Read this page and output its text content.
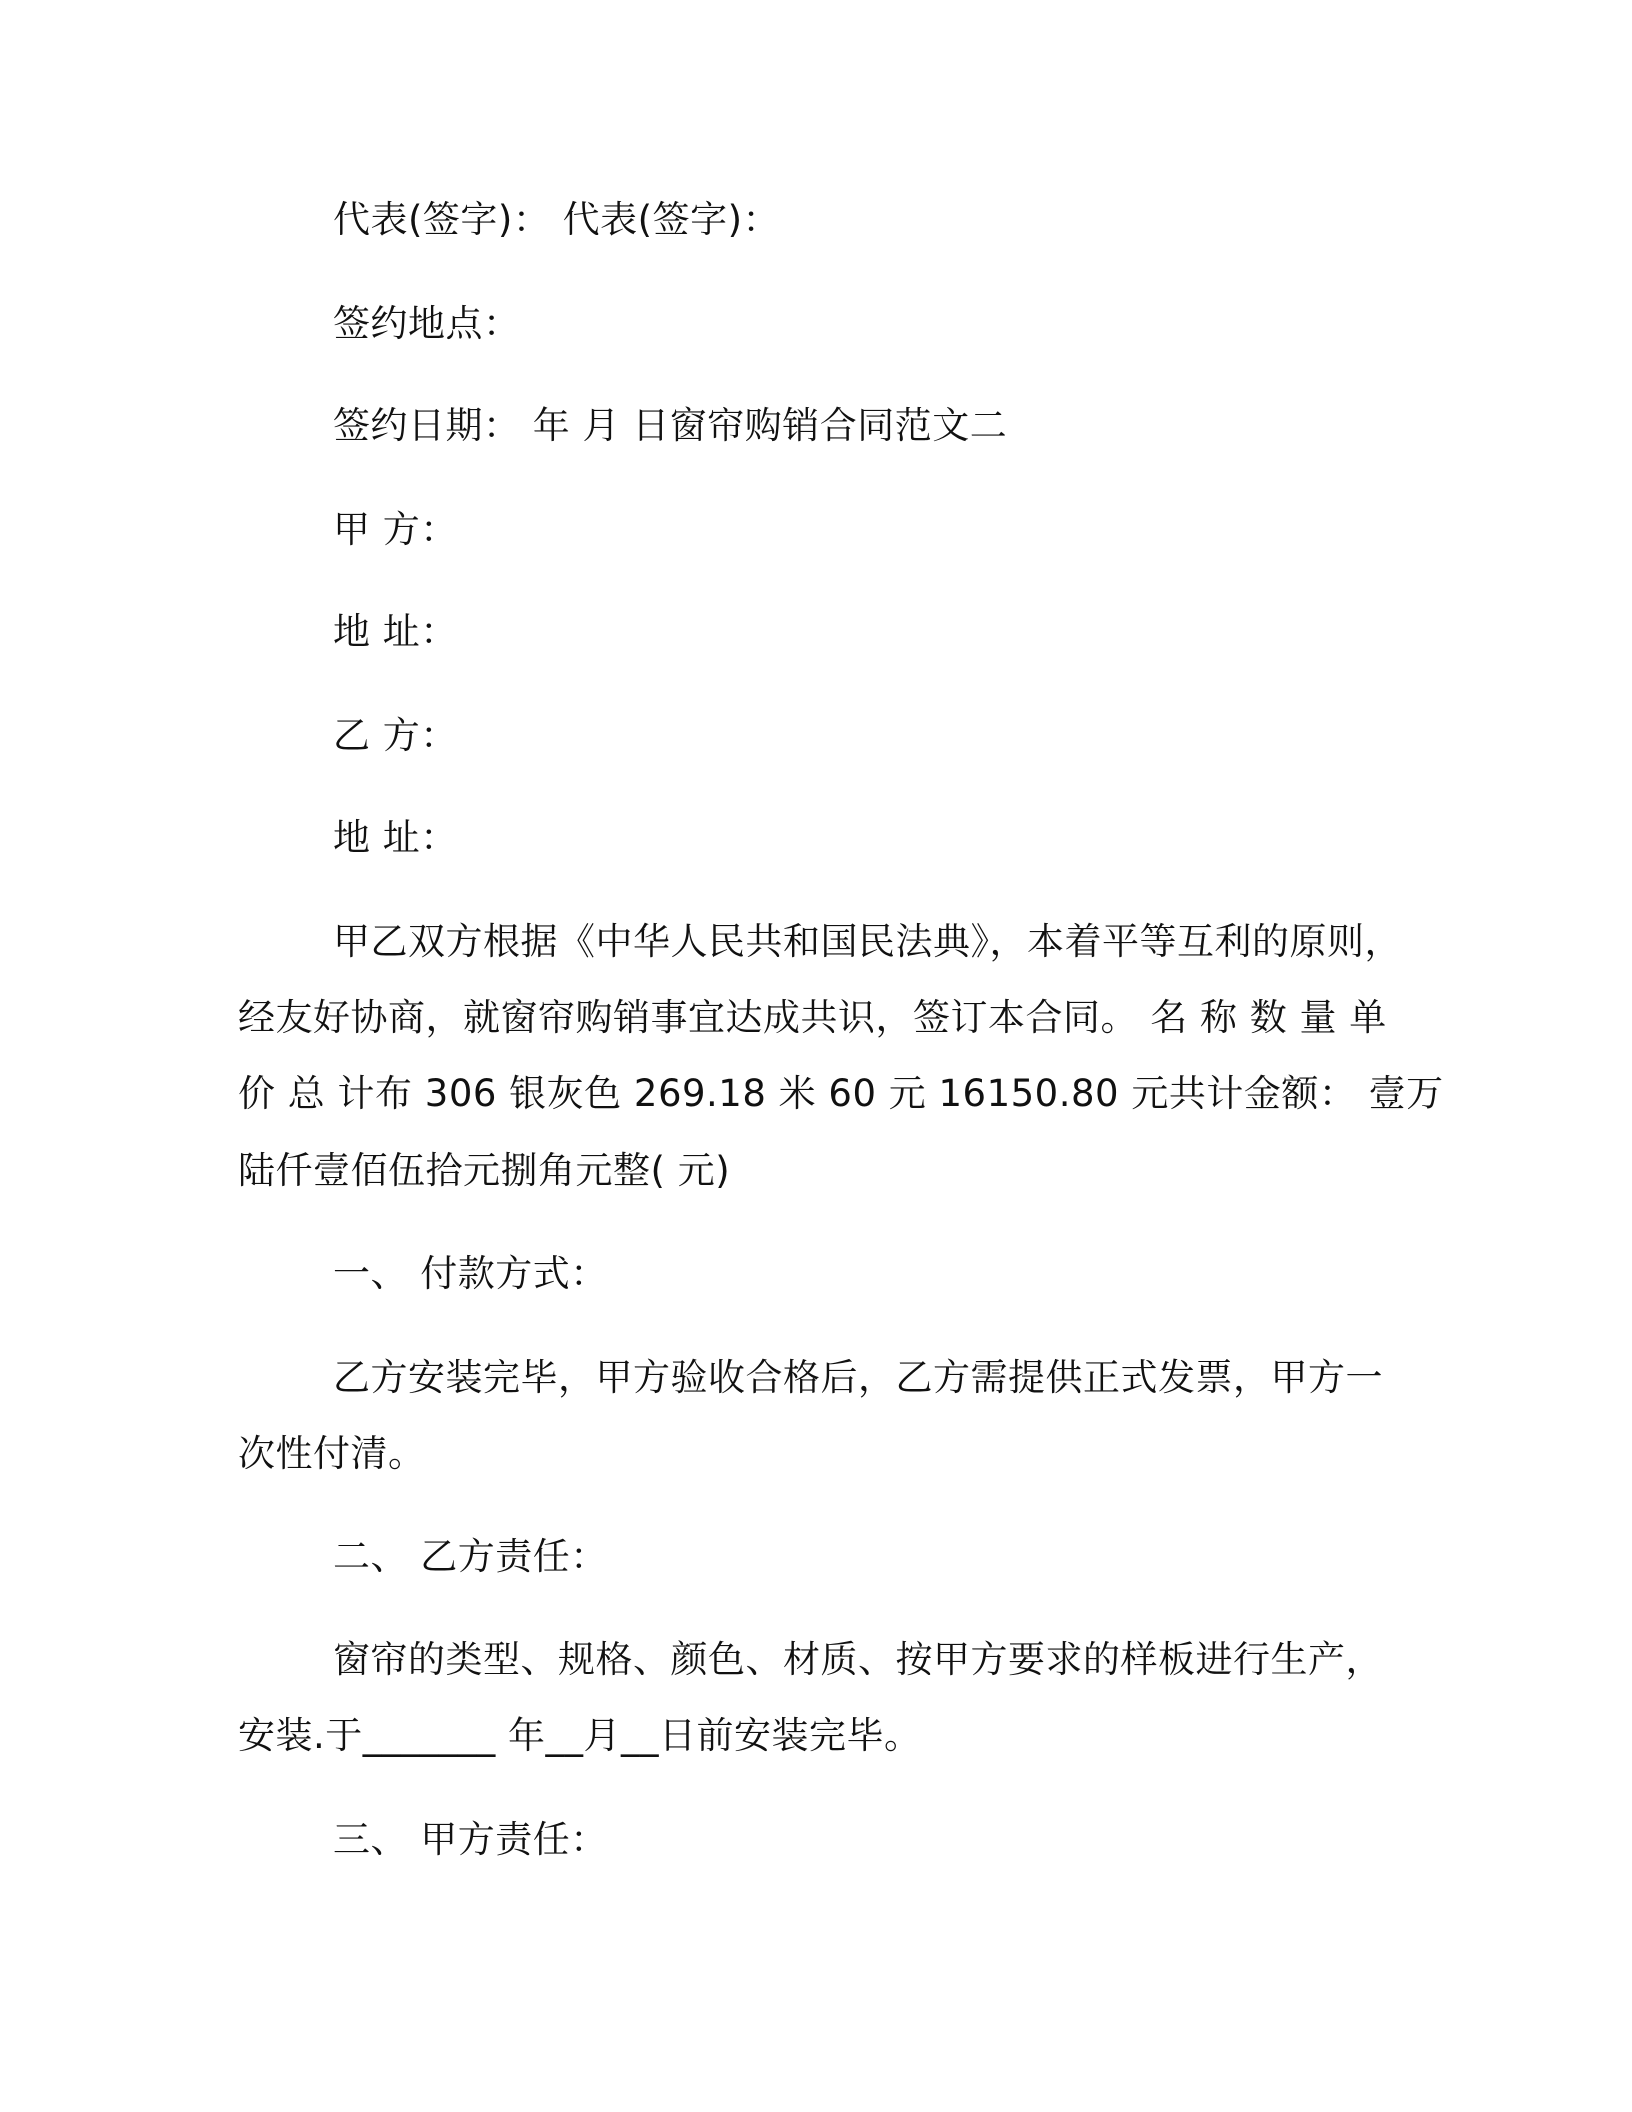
代表(签字)： 代表(签字)：
签约地点：
签约日期： 年 月 日窗帘购销合同范文二
甲 方：
地 址：
乙 方：
地 址：
甲乙双方根据《中华人民共和国民法典》，本着平等互利的原则，
经友好协商，就窗帘购销事宜达成共识，签订本合同。 名 称 数 量 单
价 总 计布 306 银灰色 269.18 米 60 元 16150.80 元共计金额： 壹万
陆仟壹佰伍拾元捌角元整( 元)
一、 付款方式：
乙方安装完毕，甲方验收合格后，乙方需提供正式发票，甲方一
次性付清。
二、 乙方责任：
窗帘的类型、规格、颜色、材质、按甲方要求的样板进行生产，
安装.于_______ 年__月__日前安装完毕。
三、 甲方责任：
